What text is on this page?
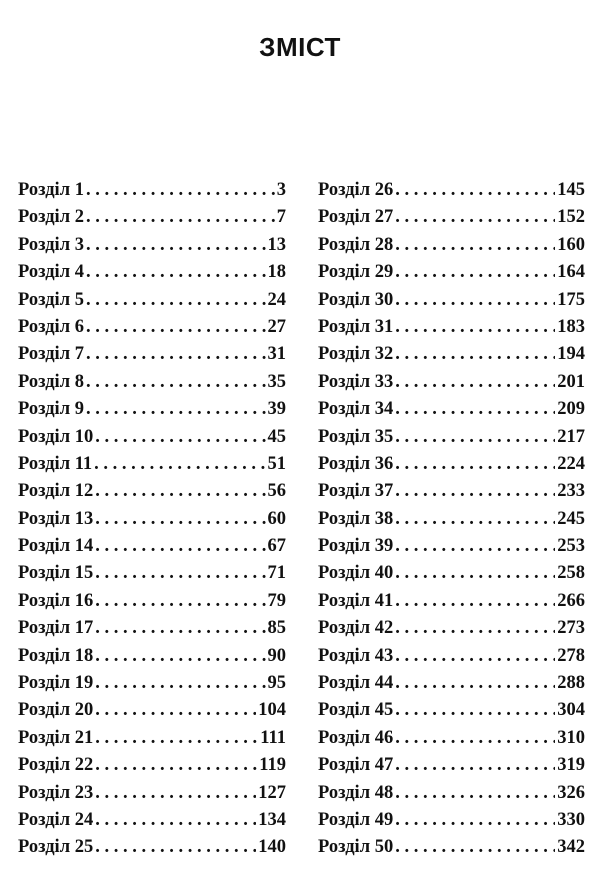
ЗМІСТ
Розділ 1 . . .	3
Розділ 2 . . .	7
Розділ 3 . . .	13
Розділ 4 . . .	18
Розділ 5 . . .	24
Розділ 6 . . .	27
Розділ 7 . . .	31
Розділ 8 . . .	35
Розділ 9 . . .	39
Розділ 10 . . .	45
Розділ 11 . . .	51
Розділ 12 . . .	56
Розділ 13 . . .	60
Розділ 14 . . .	67
Розділ 15 . . .	71
Розділ 16 . . .	79
Розділ 17 . . .	85
Розділ 18 . . .	90
Розділ 19 . . .	95
Розділ 20 . . .	104
Розділ 21 . . .	111
Розділ 22 . . .	119
Розділ 23 . . .	127
Розділ 24 . . .	134
Розділ 25 . . .	140
Розділ 26 . . .	145
Розділ 27 . . .	152
Розділ 28 . . .	160
Розділ 29 . . .	164
Розділ 30 . . .	175
Розділ 31 . . .	183
Розділ 32 . . .	194
Розділ 33 . . .	201
Розділ 34 . . .	209
Розділ 35 . . .	217
Розділ 36 . . .	224
Розділ 37 . . .	233
Розділ 38 . . .	245
Розділ 39 . . .	253
Розділ 40 . . .	258
Розділ 41 . . .	266
Розділ 42 . . .	273
Розділ 43 . . .	278
Розділ 44 . . .	288
Розділ 45 . . .	304
Розділ 46 . . .	310
Розділ 47 . . .	319
Розділ 48 . . .	326
Розділ 49 . . .	330
Розділ 50 . . .	342
